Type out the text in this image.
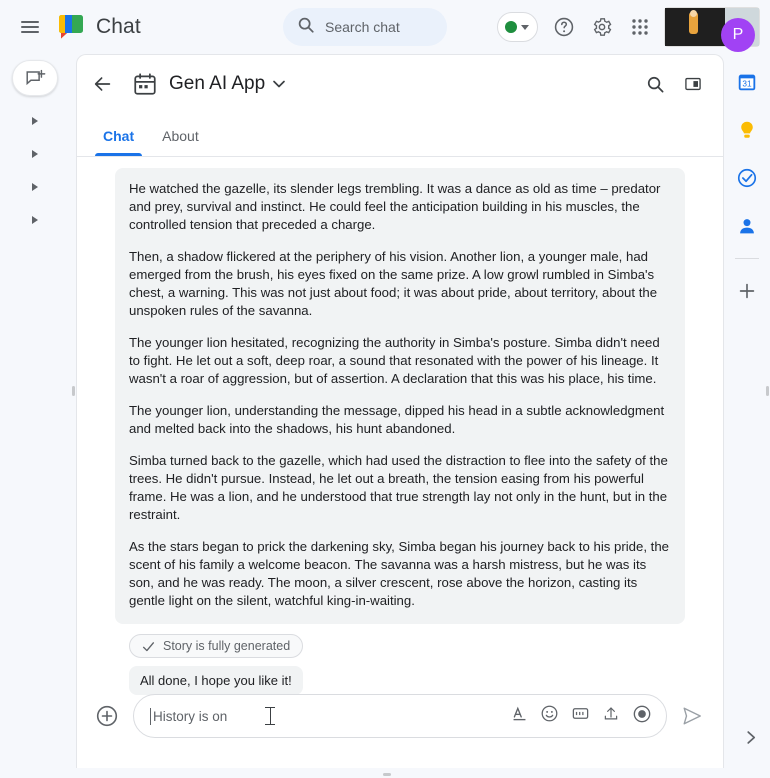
Chat	Search chat	P
Gen AI App
Chat	About

He watched the gazelle, its slender legs trembling. It was a dance as old as time – predator and prey, survival and instinct. He could feel the anticipation building in his muscles, the controlled tension that preceded a charge.

Then, a shadow flickered at the periphery of his vision. Another lion, a younger male, had emerged from the brush, his eyes fixed on the same prize. A low growl rumbled in Simba's chest, a warning. This was not just about food; it was about pride, about territory, about the unspoken rules of the savanna.

The younger lion hesitated, recognizing the authority in Simba's posture. Simba didn't need to fight. He let out a soft, deep roar, a sound that resonated with the power of his lineage. It wasn't a roar of aggression, but of assertion. A declaration that this was his place, his time.

The younger lion, understanding the message, dipped his head in a subtle acknowledgment and melted back into the shadows, his hunt abandoned.

Simba turned back to the gazelle, which had used the distraction to flee into the safety of the trees. He didn't pursue. Instead, he let out a breath, the tension easing from his powerful frame. He was a lion, and he understood that true strength lay not only in the hunt, but in the restraint.

As the stars began to prick the darkening sky, Simba began his journey back to his pride, the scent of his family a welcome beacon. The savanna was a harsh mistress, but he was its son, and he was ready. The moon, a silver crescent, rose above the horizon, casting its gentle light on the silent, watchful king-in-waiting.

Story is fully generated
All done, I hope you like it!
History is on
31
